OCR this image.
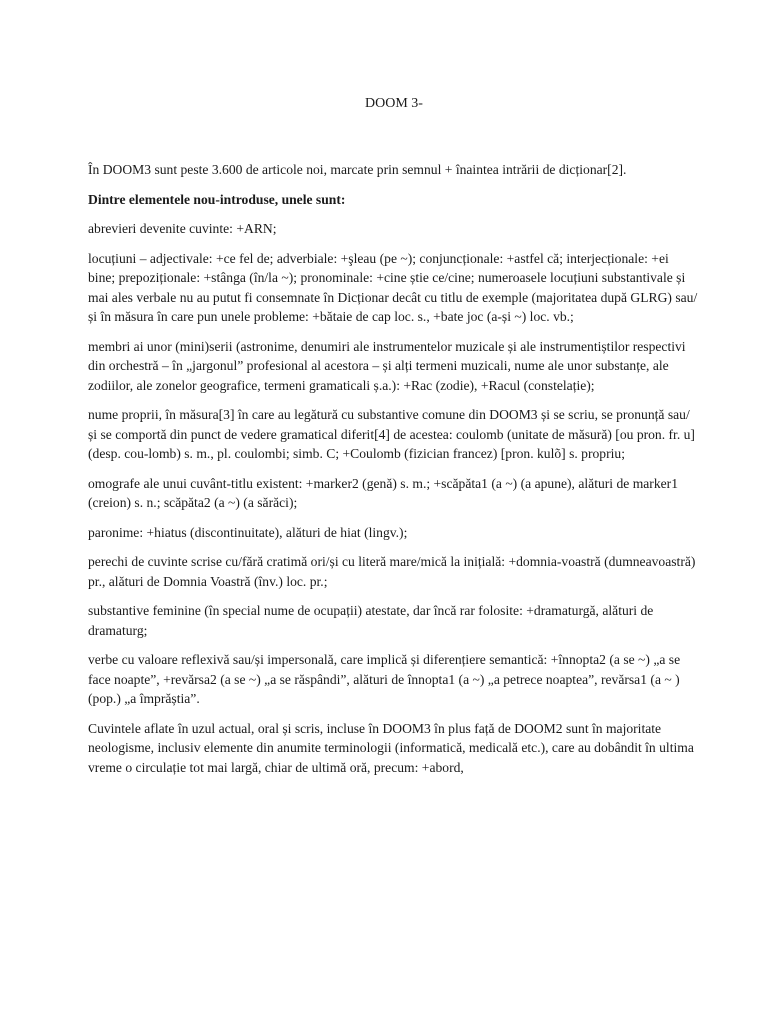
DOOM 3-

În DOOM3 sunt peste 3.600 de articole noi, marcate prin semnul + înaintea intrării de dicționar[2].

Dintre elementele nou-introduse, unele sunt:

abrevieri devenite cuvinte: +ARN;

locuțiuni – adjectivale: +ce fel de; adverbiale: +şleau (pe ~); conjuncționale: +astfel că; interjecționale: +ei bine; prepoziționale: +stânga (în/la ~); pronominale: +cine știe ce/cine; numeroasele locuțiuni substantivale și mai ales verbale nu au putut fi consemnate în Dicționar decât cu titlu de exemple (majoritatea după GLRG) sau/și în măsura în care pun unele probleme: +bătaie de cap loc. s., +bate joc (a-și ~) loc. vb.;

membri ai unor (mini)serii (astronime, denumiri ale instrumentelor muzicale și ale instrumentiștilor respectivi din orchestră – în „jargonul” profesional al acestora – și alți termeni muzicali, nume ale unor substanțe, ale zodiilor, ale zonelor geografice, termeni gramaticali ș.a.): +Rac (zodie), +Racul (constelație);

nume proprii, în măsura[3] în care au legătură cu substantive comune din DOOM3 și se scriu, se pronunță sau/și se comportă din punct de vedere gramatical diferit[4] de acestea: coulomb (unitate de măsură) [ou pron. fr. u] (desp. cou-lomb) s. m., pl. coulombi; simb. C; +Coulomb (fizician francez) [pron. kulõ] s. propriu;

omografe ale unui cuvânt-titlu existent: +marker2 (genă) s. m.; +scăpăta1 (a ~) (a apune), alături de marker1 (creion) s. n.; scăpăta2 (a ~) (a sărăci);

paronime: +hiatus (discontinuitate), alături de hiat (lingv.);

perechi de cuvinte scrise cu/fără cratimă ori/și cu literă mare/mică la inițială: +domnia-voastră (dumneavoastră) pr., alături de Domnia Voastră (înv.) loc. pr.;

substantive feminine (în special nume de ocupații) atestate, dar încă rar folosite: +dramaturgă, alături de dramaturg;

verbe cu valoare reflexivă sau/și impersonală, care implică și diferențiere semantică: +înnopta2 (a se ~) „a se face noapte”, +revărsa2 (a se ~) „a se răspândi”, alături de înnopta1 (a ~) „a petrece noaptea”, revărsa1 (a ~ ) (pop.) „a împrăștia”.

Cuvintele aflate în uzul actual, oral și scris, incluse în DOOM3 în plus față de DOOM2 sunt în majoritate neologisme, inclusiv elemente din anumite terminologii (informatică, medicală etc.), care au dobândit în ultima vreme o circulație tot mai largă, chiar de ultimă oră, precum: +abord,
